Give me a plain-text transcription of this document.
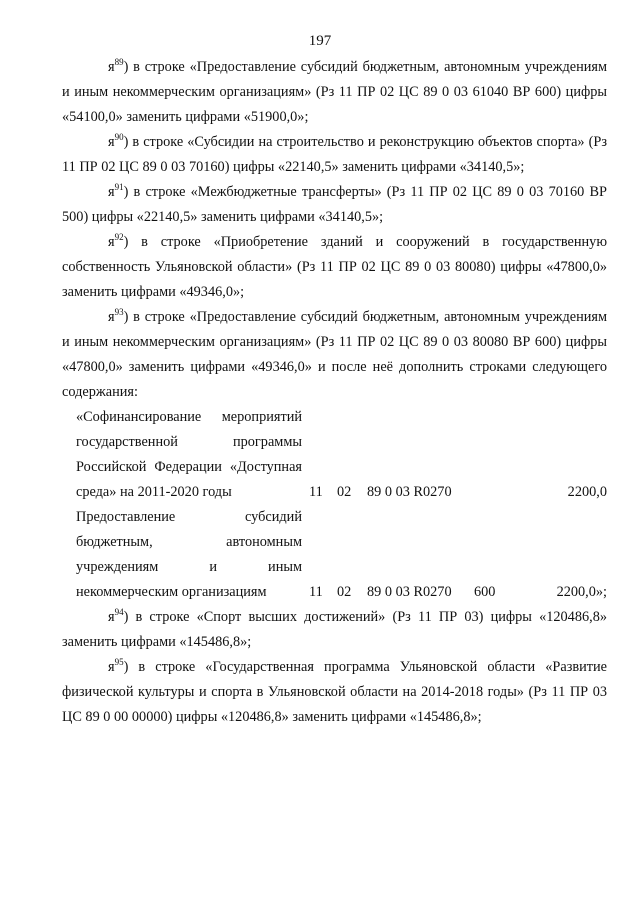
197

$я^{89}$) в строке «Предоставление субсидий бюджетным, автономным учреждениям и иным некоммерческим организациям» (Рз 11 ПР 02 ЦС 89 0 03 61040 ВР 600) цифры «54100,0» заменить цифрами «51900,0»;

$я^{90}$) в строке «Субсидии на строительство и реконструкцию объектов спорта» (Рз 11 ПР 02 ЦС 89 0 03 70160) цифры «22140,5» заменить цифрами «34140,5»;

$я^{91}$) в строке «Межбюджетные трансферты» (Рз 11 ПР 02 ЦС 89 0 03 70160 ВР 500) цифры «22140,5» заменить цифрами «34140,5»;

$я^{92}$) в строке «Приобретение зданий и сооружений в государственную собственность Ульяновской области» (Рз 11 ПР 02 ЦС 89 0 03 80080) цифры «47800,0» заменить цифрами «49346,0»;

$я^{93}$) в строке «Предоставление субсидий бюджетным, автономным учреждениям и иным некоммерческим организациям» (Рз 11 ПР 02 ЦС 89 0 03 80080 ВР 600) цифры «47800,0» заменить цифрами «49346,0» и после неё дополнить строками следующего содержания:

«Софинансирование мероприятий государственной программы Российской Федерации «Доступная среда» на 2011-2020 годы	11 02 89 0 03 R0270	2200,0
Предоставление субсидий бюджетным, автономным учреждениям и иным некоммерческим организациям	11 02 89 0 03 R0270 600	2200,0»;

$я^{94}$) в строке «Спорт высших достижений» (Рз 11 ПР 03) цифры «120486,8» заменить цифрами «145486,8»;

$я^{95}$) в строке «Государственная программа Ульяновской области «Развитие физической культуры и спорта в Ульяновской области на 2014-2018 годы» (Рз 11 ПР 03 ЦС 89 0 00 00000) цифры «120486,8» заменить цифрами «145486,8»;
